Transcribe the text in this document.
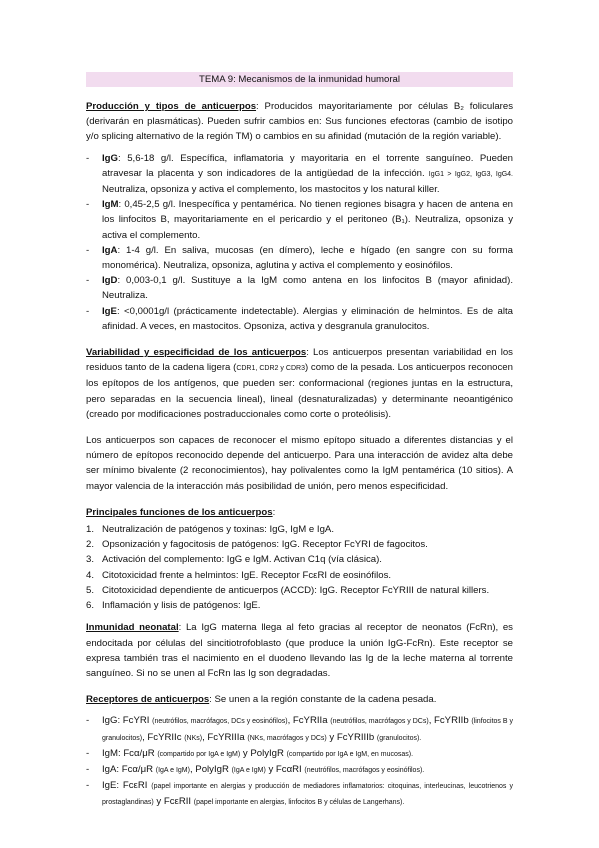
TEMA 9: Mecanismos de la inmunidad humoral

Producción y tipos de anticuerpos: Producidos mayoritariamente por células B₂ foliculares (derivarán en plasmáticas). Pueden sufrir cambios en: Sus funciones efectoras (cambio de isotipo y/o splicing alternativo de la región TM) o cambios en su afinidad (mutación de la región variable).

- IgG: 5,6-18 g/l. Específica, inflamatoria y mayoritaria en el torrente sanguíneo. Pueden atravesar la placenta y son indicadores de la antigüedad de la infección. IgG1 > IgG2, IgG3, IgG4. Neutraliza, opsoniza y activa el complemento, los mastocitos y los natural killer.
- IgM: 0,45-2,5 g/l. Inespecífica y pentamérica. No tienen regiones bisagra y hacen de antena en los linfocitos B, mayoritariamente en el pericardio y el peritoneo (B₁). Neutraliza, opsoniza y activa el complemento.
- IgA: 1-4 g/l. En saliva, mucosas (en dímero), leche e hígado (en sangre con su forma monomérica). Neutraliza, opsoniza, aglutina y activa el complemento y eosinófilos.
- IgD: 0,003-0,1 g/l. Sustituye a la IgM como antena en los linfocitos B (mayor afinidad). Neutraliza.
- IgE: <0,0001g/l (prácticamente indetectable). Alergias y eliminación de helmintos. Es de alta afinidad. A veces, en mastocitos. Opsoniza, activa y desgranula granulocitos.

Variabilidad y especificidad de los anticuerpos: Los anticuerpos presentan variabilidad en los residuos tanto de la cadena ligera (CDR1, CDR2 y CDR3) como de la pesada. Los anticuerpos reconocen los epítopos de los antígenos, que pueden ser: conformacional (regiones juntas en la estructura, pero separadas en la secuencia lineal), lineal (desnaturalizadas) y determinante neoantigénico (creado por modificaciones postraduccionales como corte o proteólisis).

Los anticuerpos son capaces de reconocer el mismo epítopo situado a diferentes distancias y el número de epítopos reconocido depende del anticuerpo. Para una interacción de avidez alta debe ser mínimo bivalente (2 reconocimientos), hay polivalentes como la IgM pentamérica (10 sitios). A mayor valencia de la interacción más posibilidad de unión, pero menos especificidad.

Principales funciones de los anticuerpos:

1. Neutralización de patógenos y toxinas: IgG, IgM e IgA.
2. Opsonización y fagocitosis de patógenos: IgG. Receptor FcYRI de fagocitos.
3. Activación del complemento: IgG e IgM. Activan C1q (vía clásica).
4. Citotoxicidad frente a helmintos: IgE. Receptor FcεRI de eosinófilos.
5. Citotoxicidad dependiente de anticuerpos (ACCD): IgG. Receptor FcYRIII de natural killers.
6. Inflamación y lisis de patógenos: IgE.

Inmunidad neonatal: La IgG materna llega al feto gracias al receptor de neonatos (FcRn), es endocitada por células del sincitiotrofoblasto (que produce la unión IgG-FcRn). Este receptor se expresa también tras el nacimiento en el duodeno llevando las Ig de la leche materna al torrente sanguíneo. Si no se unen al FcRn las Ig son degradadas.

Receptores de anticuerpos: Se unen a la región constante de la cadena pesada.

- IgG: FcYRI (neutrófilos, macrófagos, DCs y eosinófilos), FcYRIIa (neutrófilos, macrófagos y DCs), FcYRIIb (linfocitos B y granulocitos), FcYRIIc (NKs), FcYRIIIa (NKs, macrófagos y DCs) y FcYRIIIb (granulocitos).
- IgM: Fcα/μR (compartido por IgA e IgM) y PolyIgR (compartido por IgA e IgM, en mucosas).
- IgA: Fcα/μR (IgA e IgM), PolyIgR (IgA e IgM) y FcαRI (neutrófilos, macrófagos y eosinófilos).
- IgE: FcεRI (papel importante en alergias y producción de mediadores inflamatorios: citoquinas, interleucinas, leucotrienos y prostaglandinas) y FcεRII (papel importante en alergias, linfocitos B y células de Langerhans).
